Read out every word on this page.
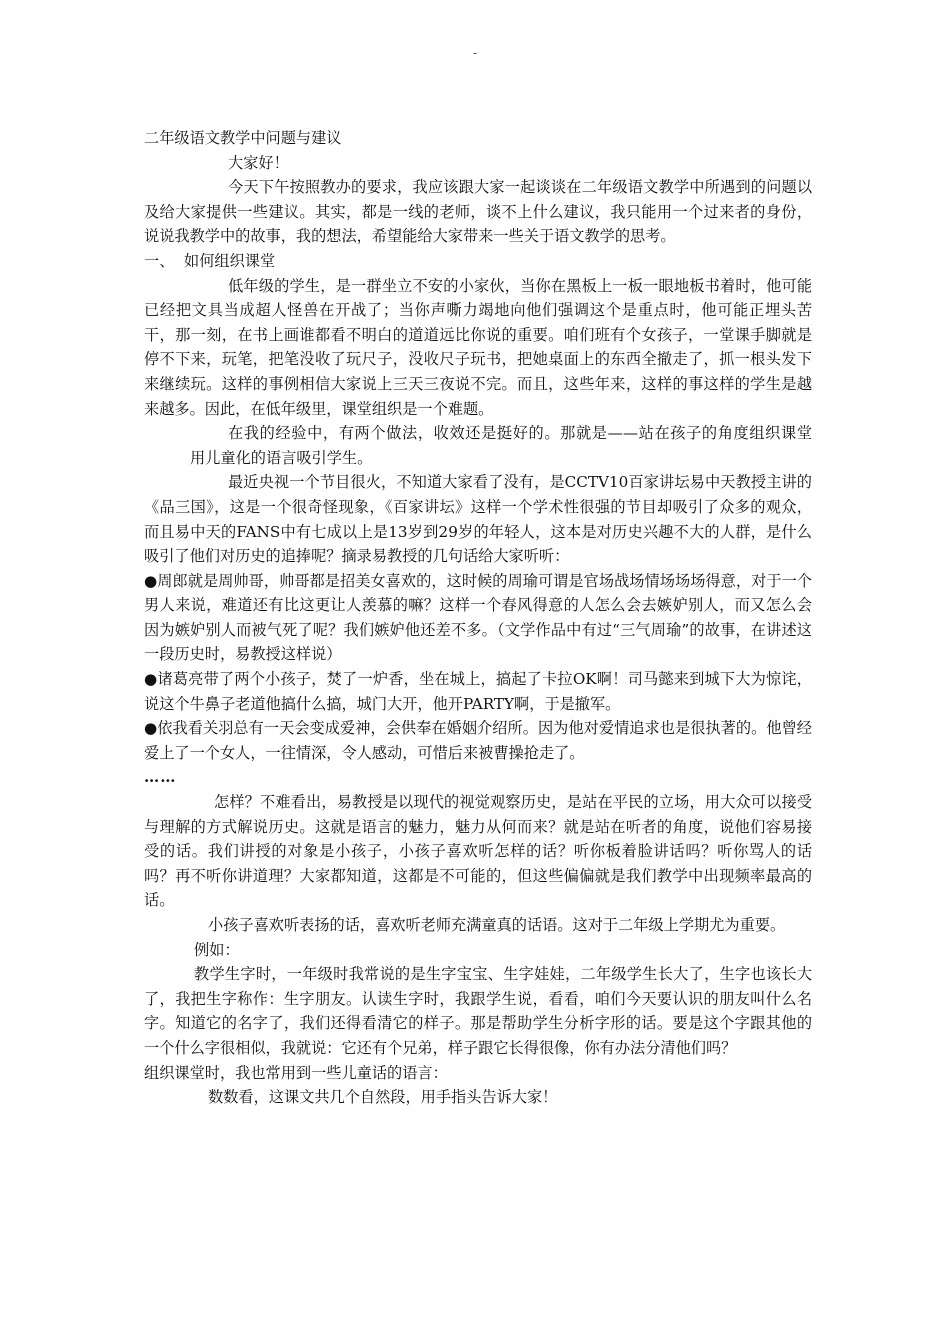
-

二年级语文教学中问题与建议

大家好！

今天下午按照教办的要求，我应该跟大家一起谈谈在二年级语文教学中所遇到的问题以及给大家提供一些建议。其实，都是一线的老师，谈不上什么建议，我只能用一个过来者的身份，说说我教学中的故事，我的想法，希望能给大家带来一些关于语文教学的思考。

一、  如何组织课堂

低年级的学生，是一群坐立不安的小家伙，当你在黑板上一板一眼地板书着时，他可能已经把文具当成超人怪兽在开战了；当你声嘶力竭地向他们强调这个是重点时，他可能正埋头苦干，那一刻，在书上画谁都看不明白的道道远比你说的重要。咱们班有个女孩子，一堂课手脚就是停不下来，玩笔，把笔没收了玩尺子，没收尺子玩书，把她桌面上的东西全撤走了，抓一根头发下来继续玩。这样的事例相信大家说上三天三夜说不完。而且，这些年来，这样的事这样的学生是越来越多。因此，在低年级里，课堂组织是一个难题。

在我的经验中，有两个做法，收效还是挺好的。那就是——站在孩子的角度组织课堂用儿童化的语言吸引学生。

最近央视一个节目很火，不知道大家看了没有，是CCTV10百家讲坛易中天教授主讲的《品三国》，这是一个很奇怪现象，《百家讲坛》这样一个学术性很强的节目却吸引了众多的观众，而且易中天的FANS中有七成以上是13岁到29岁的年轻人，这本是对历史兴趣不大的人群，是什么吸引了他们对历史的追捧呢？摘录易教授的几句话给大家听听：

●周郎就是周帅哥，帅哥都是招美女喜欢的，这时候的周瑜可谓是官场战场情场场场得意，对于一个男人来说，难道还有比这更让人羡慕的嘛？这样一个春风得意的人怎么会去嫉妒别人，而又怎么会因为嫉妒别人而被气死了呢？我们嫉妒他还差不多。（文学作品中有过“三气周瑜”的故事，在讲述这一段历史时，易教授这样说）

●诸葛亮带了两个小孩子，焚了一炉香，坐在城上，搞起了卡拉OK啊！司马懿来到城下大为惊诧，说这个牛鼻子老道他搞什么搞，城门大开，他开PARTY啊，于是撤军。

●依我看关羽总有一天会变成爱神，会供奉在婚姻介绍所。因为他对爱情追求也是很执著的。他曾经爱上了一个女人，一往情深，令人感动，可惜后来被曹操抢走了。

……

怎样？不难看出，易教授是以现代的视觉观察历史，是站在平民的立场，用大众可以接受与理解的方式解说历史。这就是语言的魅力，魅力从何而来？就是站在听者的角度，说他们容易接受的话。我们讲授的对象是小孩子，小孩子喜欢听怎样的话？听你板着脸讲话吗？听你骂人的话吗？再不听你讲道理？大家都知道，这都是不可能的，但这些偏偏就是我们教学中出现频率最高的话。

小孩子喜欢听表扬的话，喜欢听老师充满童真的话语。这对于二年级上学期尤为重要。

例如：

教学生字时，一年级时我常说的是生字宝宝、生字娃娃，二年级学生长大了，生字也该长大了，我把生字称作：生字朋友。认读生字时，我跟学生说，看看，咱们今天要认识的朋友叫什么名字。知道它的名字了，我们还得看清它的样子。那是帮助学生分析字形的话。要是这个字跟其他的一个什么字很相似，我就说：它还有个兄弟，样子跟它长得很像，你有办法分清他们吗？

组织课堂时，我也常用到一些儿童话的语言：

数数看，这课文共几个自然段，用手指头告诉大家！
